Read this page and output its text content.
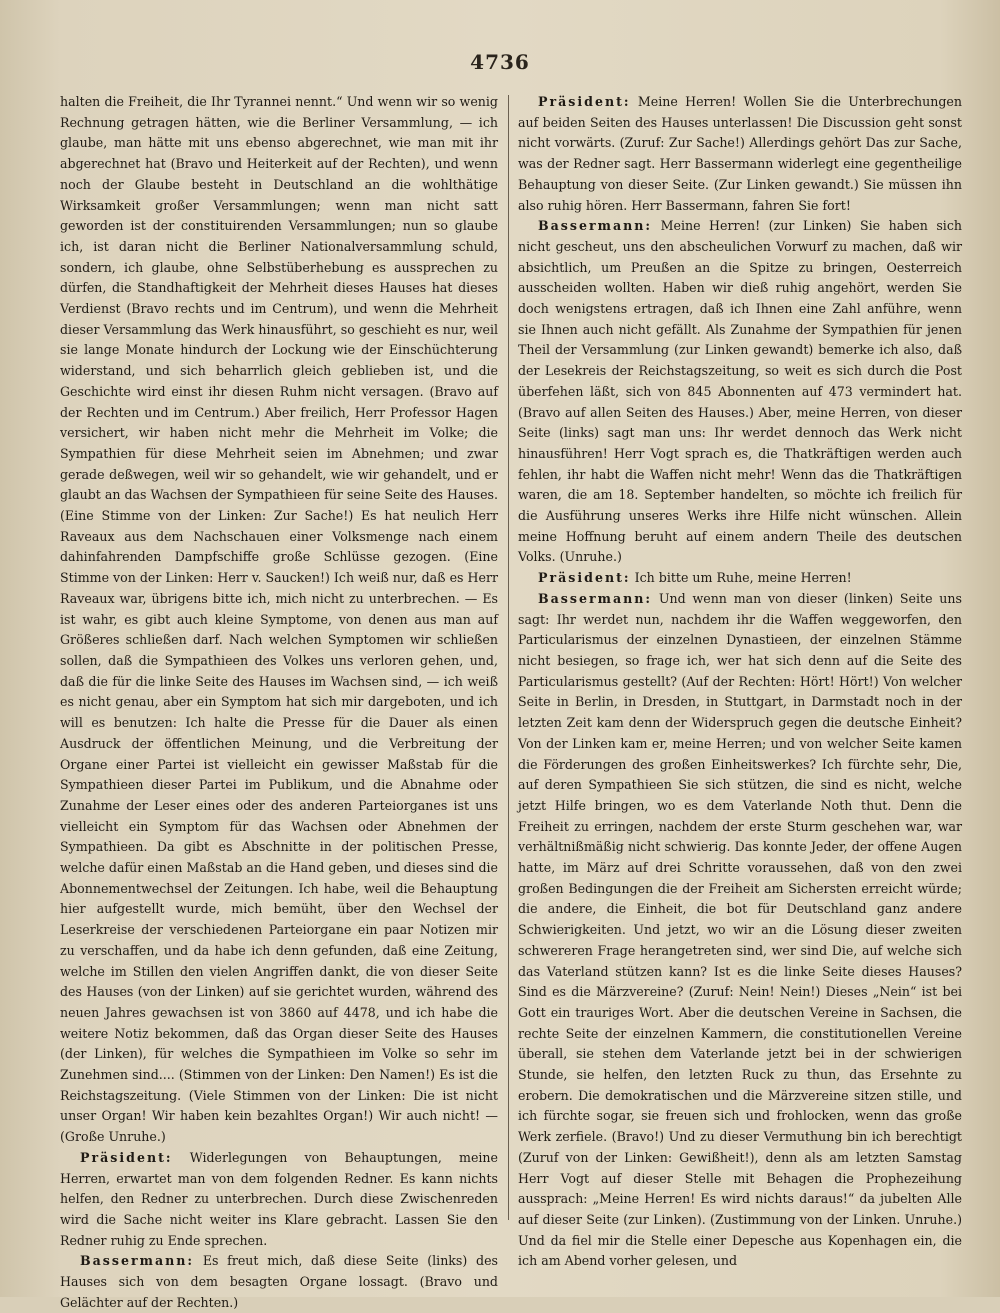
4736

halten die Freiheit, die Ihr Tyrannei nennt.“ Und wenn wir so wenig Rechnung getragen hätten, wie die Berliner Versammlung, — ich glaube, man hätte mit uns ebenso abgerechnet, wie man mit ihr abgerechnet hat (Bravo und Heiterkeit auf der Rechten), und wenn noch der Glaube besteht in Deutschland an die wohlthätige Wirksamkeit großer Versammlungen; wenn man nicht satt geworden ist der constituirenden Versammlungen; nun so glaube ich, ist daran nicht die Berliner Nationalversammlung schuld, sondern, ich glaube, ohne Selbstüberhebung es aussprechen zu dürfen, die Standhaftigkeit der Mehrheit dieses Hauses hat dieses Verdienst (Bravo rechts und im Centrum), und wenn die Mehrheit dieser Versammlung das Werk hinausführt, so geschieht es nur, weil sie lange Monate hindurch der Lockung wie der Einschüchterung widerstand, und sich beharrlich gleich geblieben ist, und die Geschichte wird einst ihr diesen Ruhm nicht versagen. (Bravo auf der Rechten und im Centrum.) Aber freilich, Herr Professor Hagen versichert, wir haben nicht mehr die Mehrheit im Volke; die Sympathien für diese Mehrheit seien im Abnehmen; und zwar gerade deßwegen, weil wir so gehandelt, wie wir gehandelt, und er glaubt an das Wachsen der Sympathieen für seine Seite des Hauses. (Eine Stimme von der Linken: Zur Sache!) Es hat neulich Herr Raveaux aus dem Nachschauen einer Volksmenge nach einem dahinfahrenden Dampfschiffe große Schlüsse gezogen. (Eine Stimme von der Linken: Herr v. Saucken!) Ich weiß nur, daß es Herr Raveaux war, übrigens bitte ich, mich nicht zu unterbrechen. — Es ist wahr, es gibt auch kleine Symptome, von denen aus man auf Größeres schließen darf. Nach welchen Symptomen wir schließen sollen, daß die Sympathieen des Volkes uns verloren gehen, und, daß die für die linke Seite des Hauses im Wachsen sind, — ich weiß es nicht genau, aber ein Symptom hat sich mir dargeboten, und ich will es benutzen: Ich halte die Presse für die Dauer als einen Ausdruck der öffentlichen Meinung, und die Verbreitung der Organe einer Partei ist vielleicht ein gewisser Maßstab für die Sympathieen dieser Partei im Publikum, und die Abnahme oder Zunahme der Leser eines oder des anderen Parteiorganes ist uns vielleicht ein Symptom für das Wachsen oder Abnehmen der Sympathieen. Da gibt es Abschnitte in der politischen Presse, welche dafür einen Maßstab an die Hand geben, und dieses sind die Abonnementwechsel der Zeitungen. Ich habe, weil die Behauptung hier aufgestellt wurde, mich bemüht, über den Wechsel der Leserkreise der verschiedenen Parteiorgane ein paar Notizen mir zu verschaffen, und da habe ich denn gefunden, daß eine Zeitung, welche im Stillen den vielen Angriffen dankt, die von dieser Seite des Hauses (von der Linken) auf sie gerichtet wurden, während des neuen Jahres gewachsen ist von 3860 auf 4478, und ich habe die weitere Notiz bekommen, daß das Organ dieser Seite des Hauses (der Linken), für welches die Sympathieen im Volke so sehr im Zunehmen sind.... (Stimmen von der Linken: Den Namen!) Es ist die Reichstagszeitung. (Viele Stimmen von der Linken: Die ist nicht unser Organ! Wir haben kein bezahltes Organ!) Wir auch nicht! — (Große Unruhe.)

Präsident: Widerlegungen von Behauptungen, meine Herren, erwartet man von dem folgenden Redner. Es kann nichts helfen, den Redner zu unterbrechen. Durch diese Zwischenreden wird die Sache nicht weiter ins Klare gebracht. Lassen Sie den Redner ruhig zu Ende sprechen.

Bassermann: Es freut mich, daß diese Seite (links) des Hauses sich von dem besagten Organe lossagt. (Bravo und Gelächter auf der Rechten.)

Präsident: Meine Herren! Wollen Sie die Unterbrechungen auf beiden Seiten des Hauses unterlassen! Die Discussion geht sonst nicht vorwärts. (Zuruf: Zur Sache!) Allerdings gehört Das zur Sache, was der Redner sagt. Herr Bassermann widerlegt eine gegentheilige Behauptung von dieser Seite. (Zur Linken gewandt.) Sie müssen ihn also ruhig hören. Herr Bassermann, fahren Sie fort!

Bassermann: Meine Herren! (zur Linken) Sie haben sich nicht gescheut, uns den abscheulichen Vorwurf zu machen, daß wir absichtlich, um Preußen an die Spitze zu bringen, Oesterreich ausscheiden wollten. Haben wir dieß ruhig angehört, werden Sie doch wenigstens ertragen, daß ich Ihnen eine Zahl anführe, wenn sie Ihnen auch nicht gefällt. Als Zunahme der Sympathien für jenen Theil der Versammlung (zur Linken gewandt) bemerke ich also, daß der Lesekreis der Reichstagszeitung, so weit es sich durch die Post überfehen läßt, sich von 845 Abonnenten auf 473 vermindert hat. (Bravo auf allen Seiten des Hauses.) Aber, meine Herren, von dieser Seite (links) sagt man uns: Ihr werdet dennoch das Werk nicht hinausführen! Herr Vogt sprach es, die Thatkräftigen werden auch fehlen, ihr habt die Waffen nicht mehr! Wenn das die Thatkräftigen waren, die am 18. September handelten, so möchte ich freilich für die Ausführung unseres Werks ihre Hilfe nicht wünschen. Allein meine Hoffnung beruht auf einem andern Theile des deutschen Volks. (Unruhe.)

Präsident: Ich bitte um Ruhe, meine Herren!

Bassermann: Und wenn man von dieser (linken) Seite uns sagt: Ihr werdet nun, nachdem ihr die Waffen weggeworfen, den Particularismus der einzelnen Dynastieen, der einzelnen Stämme nicht besiegen, so frage ich, wer hat sich denn auf die Seite des Particularismus gestellt? (Auf der Rechten: Hört! Hört!) Von welcher Seite in Berlin, in Dresden, in Stuttgart, in Darmstadt noch in der letzten Zeit kam denn der Widerspruch gegen die deutsche Einheit? Von der Linken kam er, meine Herren; und von welcher Seite kamen die Förderungen des großen Einheitswerkes? Ich fürchte sehr, Die, auf deren Sympathieen Sie sich stützen, die sind es nicht, welche jetzt Hilfe bringen, wo es dem Vaterlande Noth thut. Denn die Freiheit zu erringen, nachdem der erste Sturm geschehen war, war verhältnißmäßig nicht schwierig. Das konnte Jeder, der offene Augen hatte, im März auf drei Schritte voraussehen, daß von den zwei großen Bedingungen die der Freiheit am Sichersten erreicht würde; die andere, die Einheit, die bot für Deutschland ganz andere Schwierigkeiten. Und jetzt, wo wir an die Lösung dieser zweiten schwereren Frage herangetreten sind, wer sind Die, auf welche sich das Vaterland stützen kann? Ist es die linke Seite dieses Hauses? Sind es die Märzvereine? (Zuruf: Nein! Nein!) Dieses „Nein“ ist bei Gott ein trauriges Wort. Aber die deutschen Vereine in Sachsen, die rechte Seite der einzelnen Kammern, die constitutionellen Vereine überall, sie stehen dem Vaterlande jetzt bei in der schwierigen Stunde, sie helfen, den letzten Ruck zu thun, das Ersehnte zu erobern. Die demokratischen und die Märzvereine sitzen stille, und ich fürchte sogar, sie freuen sich und frohlocken, wenn das große Werk zerfiele. (Bravo!) Und zu dieser Vermuthung bin ich berechtigt (Zuruf von der Linken: Gewißheit!), denn als am letzten Samstag Herr Vogt auf dieser Stelle mit Behagen die Prophezeihung aussprach: „Meine Herren! Es wird nichts daraus!“ da jubelten Alle auf dieser Seite (zur Linken). (Zustimmung von der Linken. Unruhe.) Und da fiel mir die Stelle einer Depesche aus Kopenhagen ein, die ich am Abend vorher gelesen, und
